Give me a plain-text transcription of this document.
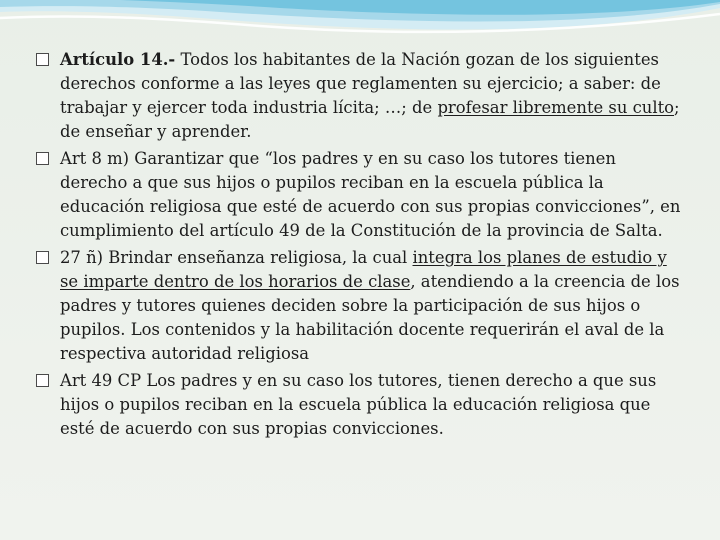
Artículo 14.- Todos los habitantes de la Nación gozan de los siguientes derechos conforme a las leyes que reglamenten su ejercicio; a saber: de trabajar y ejercer toda industria lícita; …; de profesar libremente su culto; de enseñar y aprender.

Art 8 m) Garantizar que “los padres y en su caso los tutores tienen derecho a que sus hijos o pupilos reciban en la escuela pública la educación religiosa que esté de acuerdo con sus propias convicciones”, en cumplimiento del artículo 49 de la Constitución de la provincia de Salta.

27 ñ) Brindar enseñanza religiosa, la cual integra los planes de estudio y se imparte dentro de los horarios de clase, atendiendo a la creencia de los padres y tutores quienes deciden sobre la participación de sus hijos o pupilos. Los contenidos y la habilitación docente requerirán el aval de la respectiva autoridad religiosa

Art 49 CP Los padres y en su caso los tutores, tienen derecho a que sus hijos o pupilos reciban en la escuela pública la educación religiosa que esté de acuerdo con sus propias convicciones.
